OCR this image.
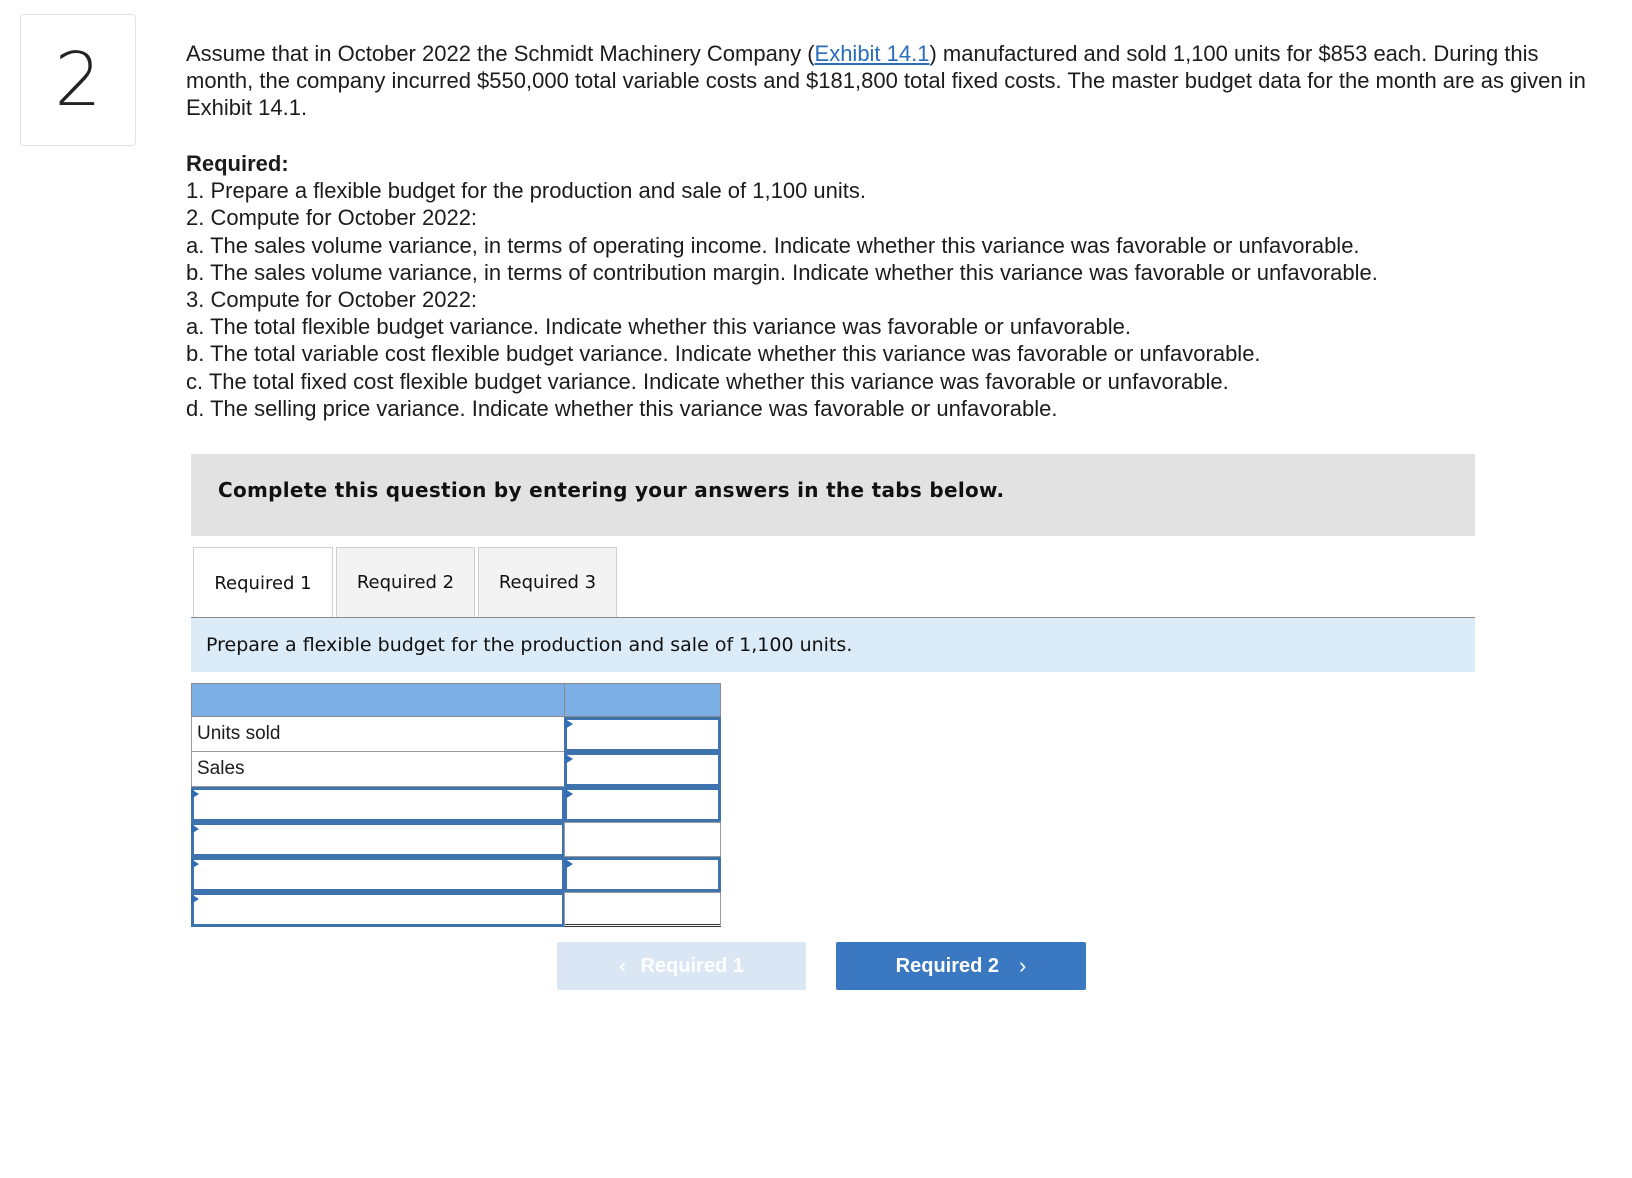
2	Assume that in October 2022 the Schmidt Machinery Company (Exhibit 14.1) manufactured and sold 1,100 units for $853 each. During this month, the company incurred $550,000 total variable costs and $181,800 total fixed costs. The master budget data for the month are as given in Exhibit 14.1.

Required:
1. Prepare a flexible budget for the production and sale of 1,100 units.
2. Compute for October 2022:
a. The sales volume variance, in terms of operating income. Indicate whether this variance was favorable or unfavorable.
b. The sales volume variance, in terms of contribution margin. Indicate whether this variance was favorable or unfavorable.
3. Compute for October 2022:
a. The total flexible budget variance. Indicate whether this variance was favorable or unfavorable.
b. The total variable cost flexible budget variance. Indicate whether this variance was favorable or unfavorable.
c. The total fixed cost flexible budget variance. Indicate whether this variance was favorable or unfavorable.
d. The selling price variance. Indicate whether this variance was favorable or unfavorable.
Complete this question by entering your answers in the tabs below.
Required 1	Required 2	Required 3
Prepare a flexible budget for the production and sale of 1,100 units.
Units sold
Sales
‹ Required 1	Required 2 ›
